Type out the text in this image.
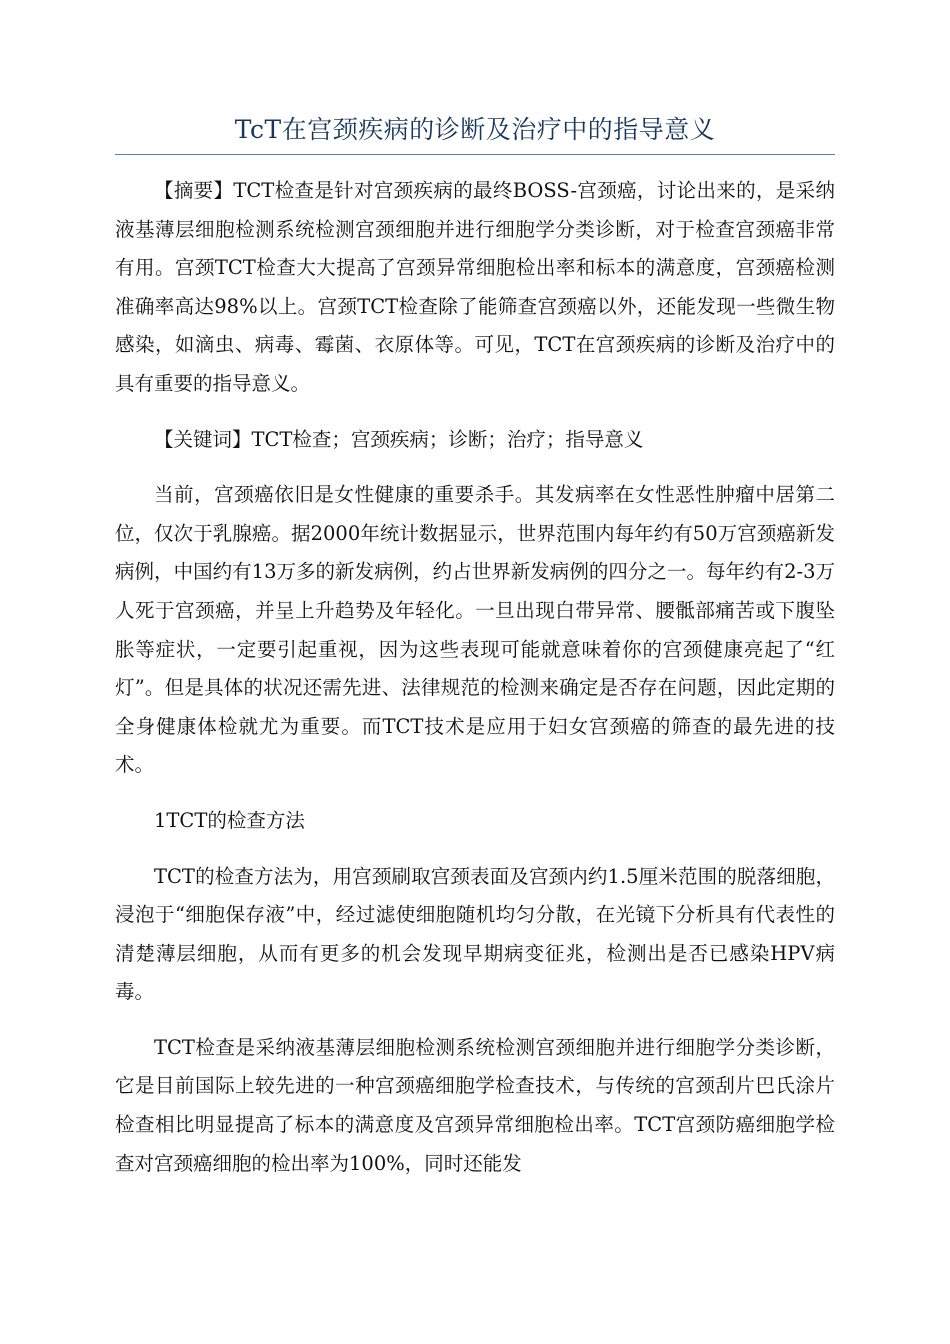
TcT在宫颈疾病的诊断及治疗中的指导意义

【摘要】TCT检查是针对宫颈疾病的最终BOSS-宫颈癌，讨论出来的，是采纳液基薄层细胞检测系统检测宫颈细胞并进行细胞学分类诊断，对于检查宫颈癌非常有用。宫颈TCT检查大大提高了宫颈异常细胞检出率和标本的满意度，宫颈癌检测准确率高达98%以上。宫颈TCT检查除了能筛查宫颈癌以外，还能发现一些微生物感染，如滴虫、病毒、霉菌、衣原体等。可见，TCT在宫颈疾病的诊断及治疗中的具有重要的指导意义。

【关键词】TCT检查；宫颈疾病；诊断；治疗；指导意义

当前，宫颈癌依旧是女性健康的重要杀手。其发病率在女性恶性肿瘤中居第二位，仅次于乳腺癌。据2000年统计数据显示，世界范围内每年约有50万宫颈癌新发病例，中国约有13万多的新发病例，约占世界新发病例的四分之一。每年约有2-3万人死于宫颈癌，并呈上升趋势及年轻化。一旦出现白带异常、腰骶部痛苦或下腹坠胀等症状，一定要引起重视，因为这些表现可能就意味着你的宫颈健康亮起了“红灯”。但是具体的状况还需先进、法律规范的检测来确定是否存在问题，因此定期的全身健康体检就尤为重要。而TCT技术是应用于妇女宫颈癌的筛查的最先进的技术。

1TCT的检查方法

TCT的检查方法为，用宫颈刷取宫颈表面及宫颈内约1.5厘米范围的脱落细胞，浸泡于“细胞保存液”中，经过滤使细胞随机均匀分散，在光镜下分析具有代表性的清楚薄层细胞，从而有更多的机会发现早期病变征兆，检测出是否已感染HPV病毒。

TCT检查是采纳液基薄层细胞检测系统检测宫颈细胞并进行细胞学分类诊断，它是目前国际上较先进的一种宫颈癌细胞学检查技术，与传统的宫颈刮片巴氏涂片检查相比明显提高了标本的满意度及宫颈异常细胞检出率。TCT宫颈防癌细胞学检查对宫颈癌细胞的检出率为100%，同时还能发
